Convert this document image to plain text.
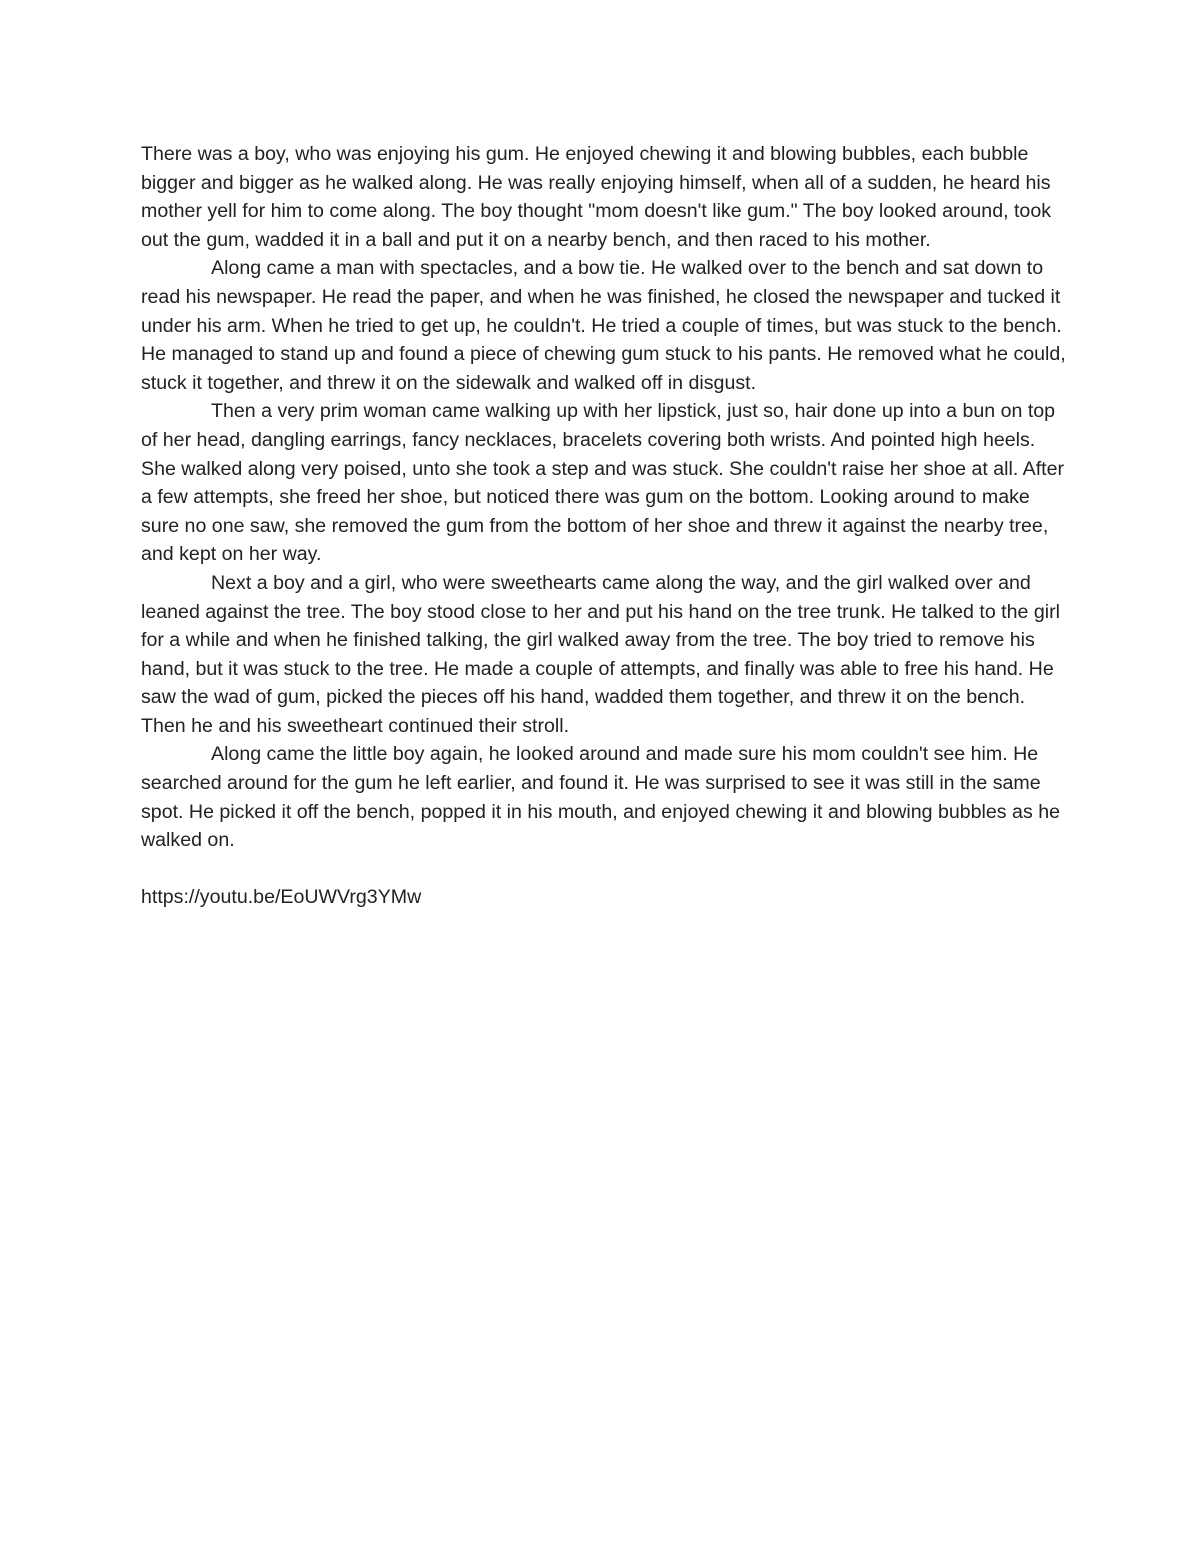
There was a boy, who was enjoying his gum. He enjoyed chewing it and blowing bubbles, each bubble bigger and bigger as he walked along. He was really enjoying himself, when all of a sudden, he heard his mother yell for him to come along. The boy thought "mom doesn't like gum." The boy looked around, took out the gum, wadded it in a ball and put it on a nearby bench, and then raced to his mother.

Along came a man with spectacles, and a bow tie. He walked over to the bench and sat down to read his newspaper. He read the paper, and when he was finished, he closed the newspaper and tucked it under his arm. When he tried to get up, he couldn't. He tried a couple of times, but was stuck to the bench. He managed to stand up and found a piece of chewing gum stuck to his pants. He removed what he could, stuck it together, and threw it on the sidewalk and walked off in disgust.

Then a very prim woman came walking up with her lipstick, just so, hair done up into a bun on top of her head, dangling earrings, fancy necklaces, bracelets covering both wrists. And pointed high heels. She walked along very poised, unto she took a step and was stuck. She couldn't raise her shoe at all. After a few attempts, she freed her shoe, but noticed there was gum on the bottom. Looking around to make sure no one saw, she removed the gum from the bottom of her shoe and threw it against the nearby tree, and kept on her way.

Next a boy and a girl, who were sweethearts came along the way, and the girl walked over and leaned against the tree. The boy stood close to her and put his hand on the tree trunk. He talked to the girl for a while and when he finished talking, the girl walked away from the tree. The boy tried to remove his hand, but it was stuck to the tree. He made a couple of attempts, and finally was able to free his hand. He saw the wad of gum, picked the pieces off his hand, wadded them together, and threw it on the bench. Then he and his sweetheart continued their stroll.

Along came the little boy again, he looked around and made sure his mom couldn't see him. He searched around for the gum he left earlier, and found it. He was surprised to see it was still in the same spot. He picked it off the bench, popped it in his mouth, and enjoyed chewing it and blowing bubbles as he walked on.

https://youtu.be/EoUWVrg3YMw
